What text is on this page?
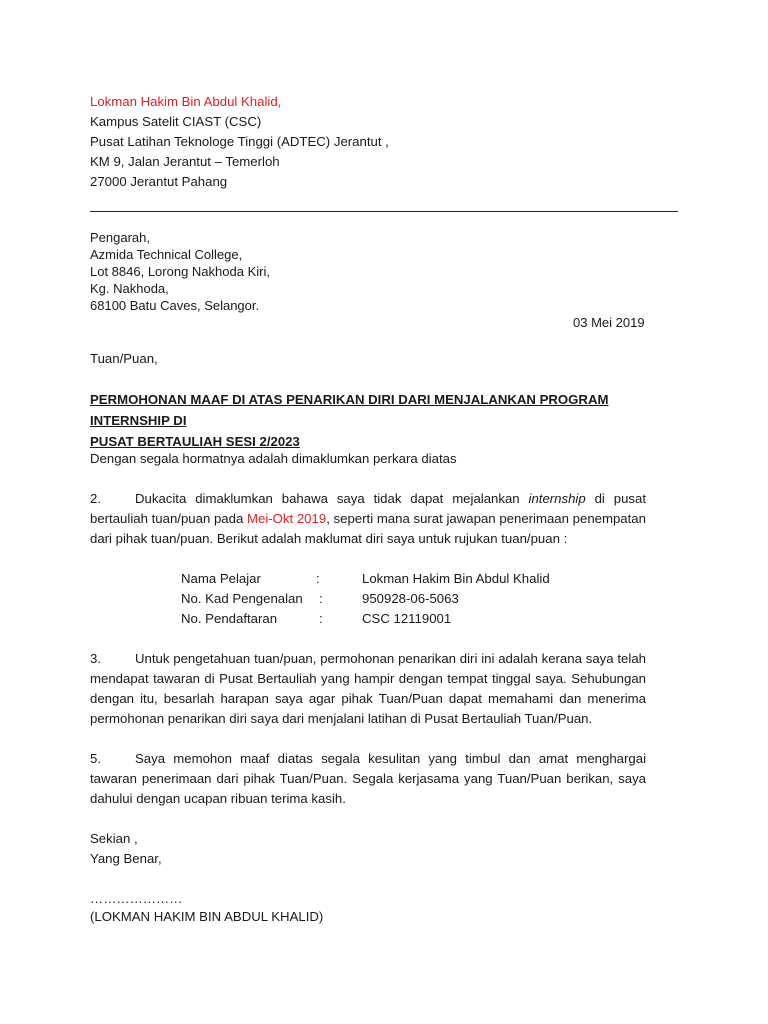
Lokman Hakim Bin Abdul Khalid,
Kampus Satelit CIAST (CSC)
Pusat Latihan Teknologe Tinggi (ADTEC) Jerantut ,
KM 9, Jalan Jerantut – Temerloh
27000 Jerantut Pahang
Pengarah,
Azmida Technical College,
Lot 8846, Lorong Nakhoda Kiri,
Kg. Nakhoda,
68100 Batu Caves, Selangor.
03 Mei 2019
Tuan/Puan,
PERMOHONAN MAAF DI ATAS PENARIKAN DIRI DARI MENJALANKAN PROGRAM INTERNSHIP DI
PUSAT BERTAULIAH SESI 2/2023
Dengan segala hormatnya adalah dimaklumkan perkara diatas
2.	Dukacita dimaklumkan bahawa saya tidak dapat mejalankan internship di pusat bertauliah tuan/puan pada Mei-Okt 2019, seperti mana surat jawapan penerimaan penempatan dari pihak tuan/puan. Berikut adalah maklumat diri saya untuk rujukan tuan/puan :
Nama Pelajar	:	Lokman Hakim Bin Abdul Khalid
No. Kad Pengenalan	:	950928-06-5063
No. Pendaftaran	:	CSC 12119001
3.	Untuk pengetahuan tuan/puan, permohonan penarikan diri ini adalah kerana saya telah mendapat tawaran di Pusat Bertauliah yang hampir dengan tempat tinggal saya. Sehubungan dengan itu, besarlah harapan saya agar pihak Tuan/Puan dapat memahami dan menerima permohonan penarikan diri saya dari menjalani latihan di Pusat Bertauliah Tuan/Puan.
5.	Saya memohon maaf diatas segala kesulitan yang timbul dan amat menghargai tawaran penerimaan dari pihak Tuan/Puan. Segala kerjasama yang Tuan/Puan berikan, saya dahului dengan ucapan ribuan terima kasih.
Sekian ,
Yang Benar,
…………………
(LOKMAN HAKIM BIN ABDUL KHALID)
